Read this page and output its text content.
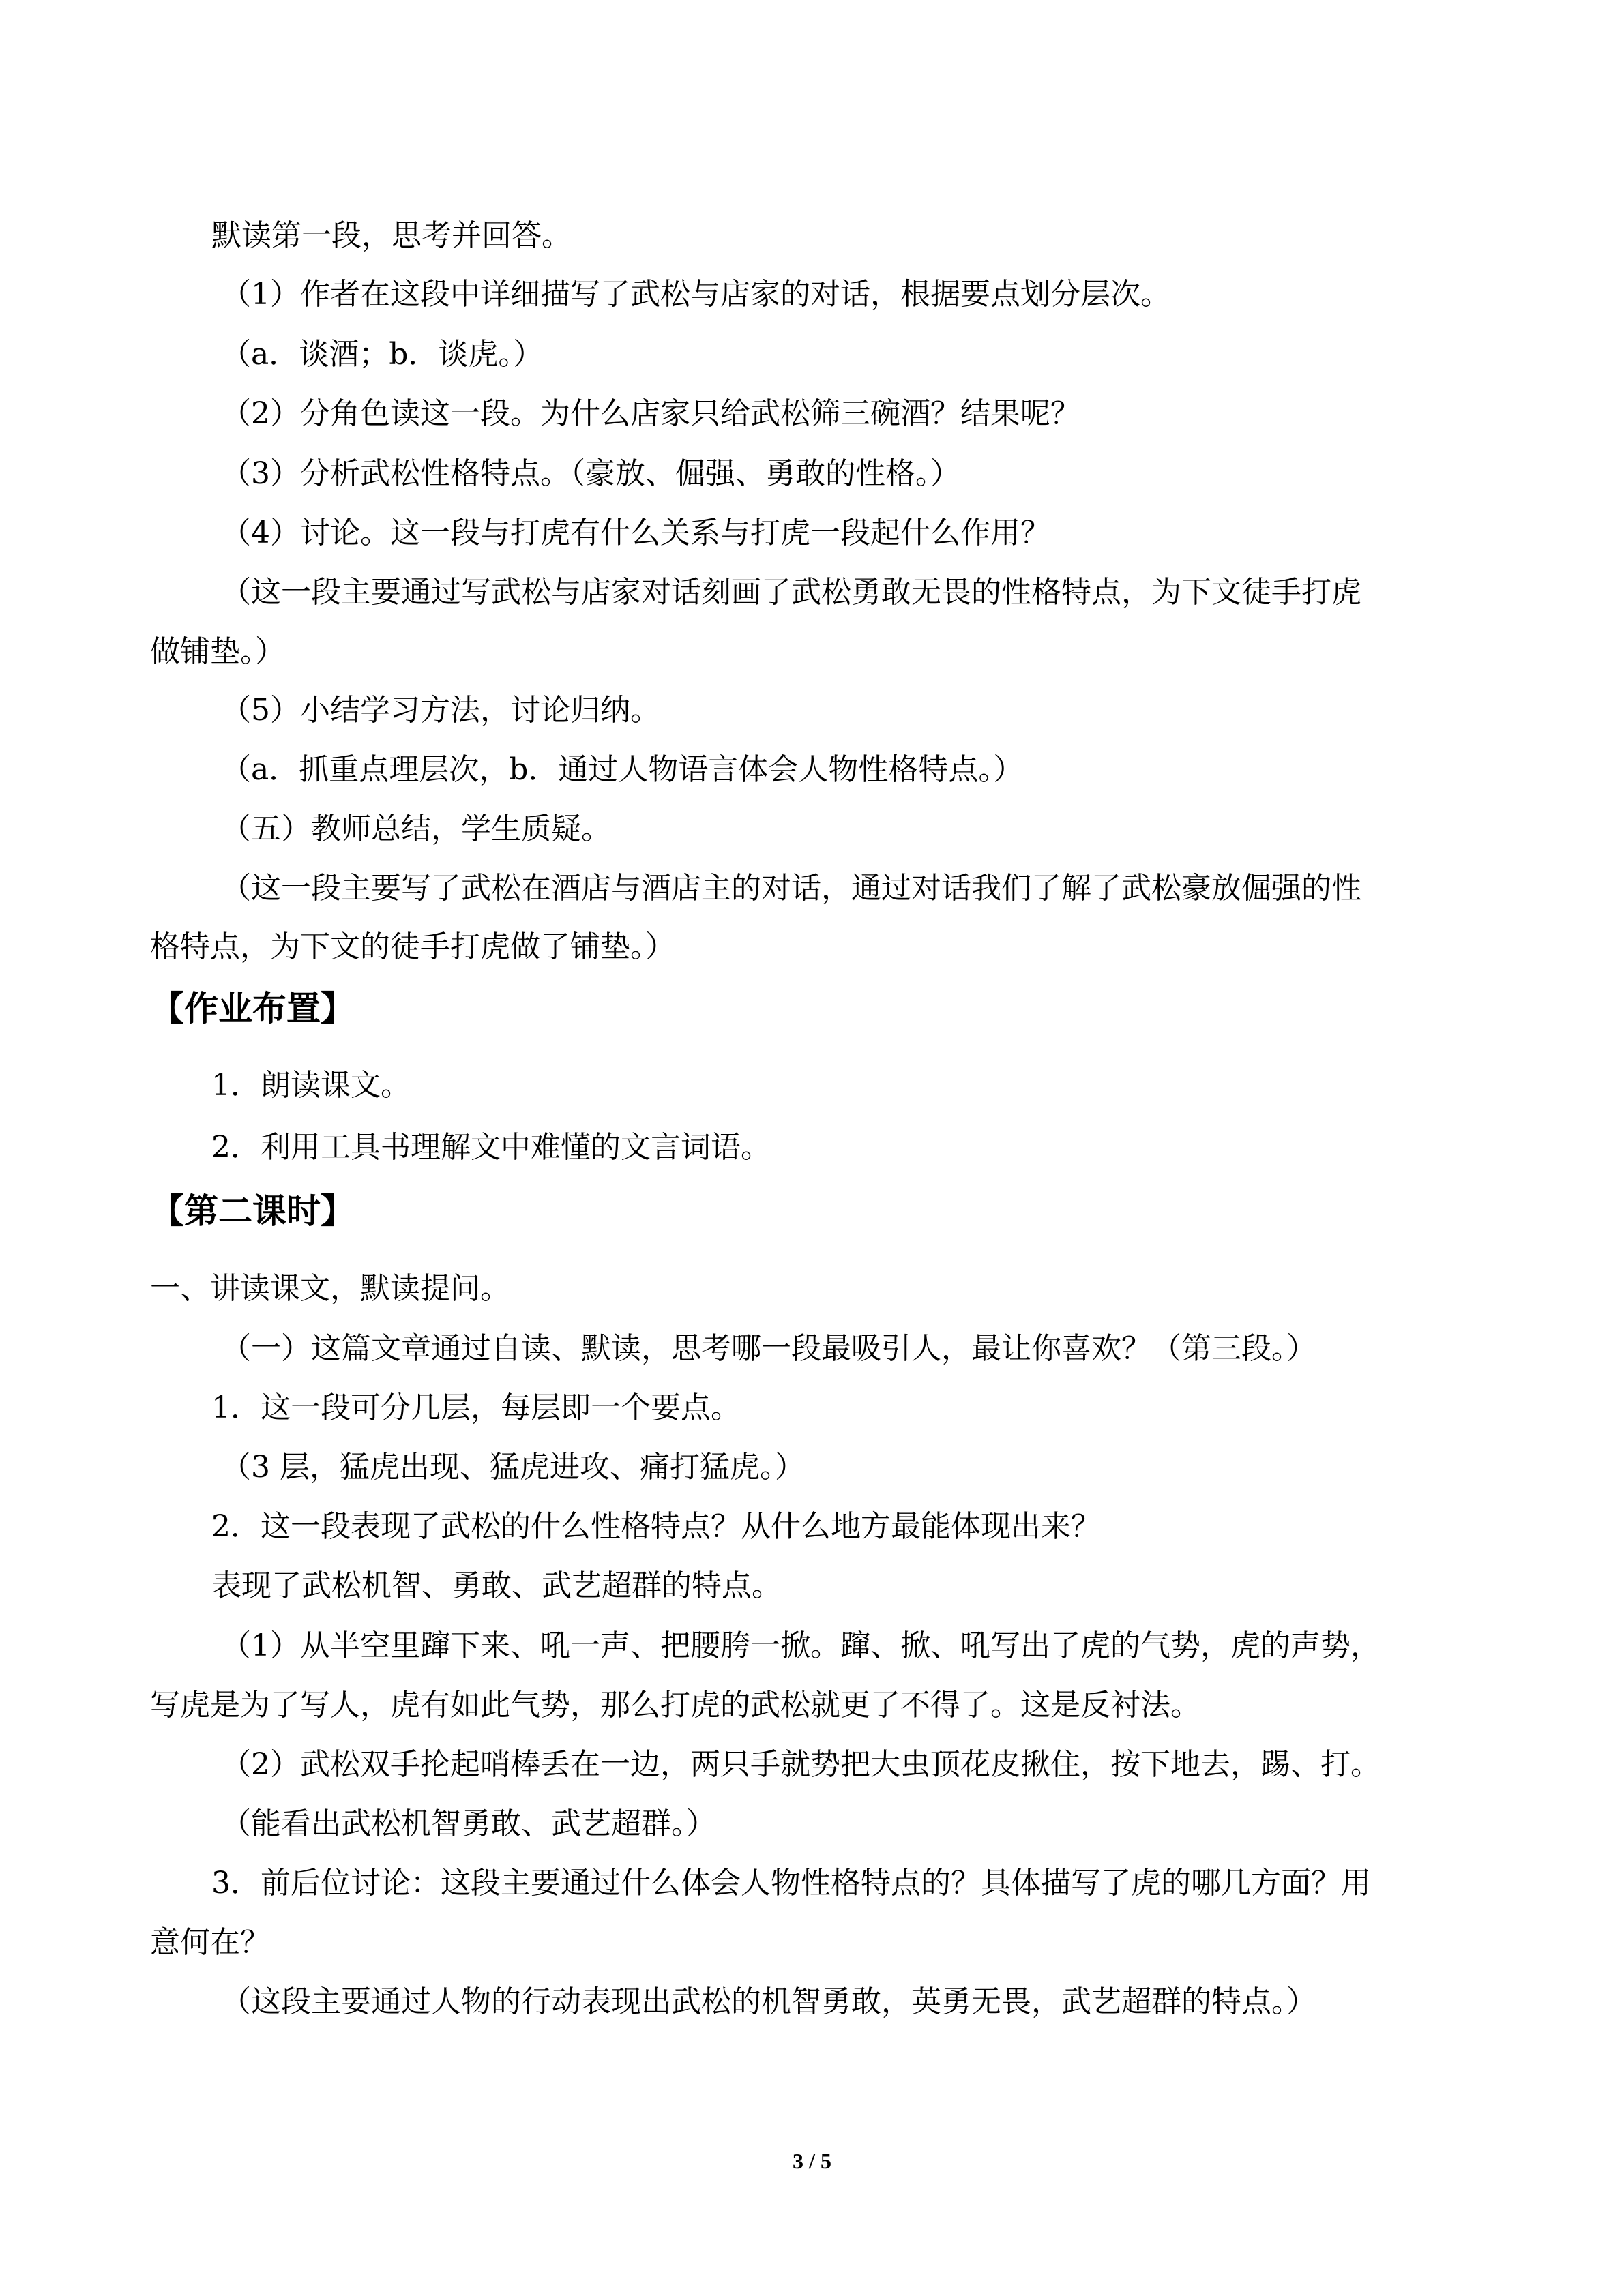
默读第一段，思考并回答。
（1）作者在这段中详细描写了武松与店家的对话，根据要点划分层次。
（a．谈酒；b．谈虎。）
（2）分角色读这一段。为什么店家只给武松筛三碗酒？结果呢？
（3）分析武松性格特点。（豪放、倔强、勇敢的性格。）
（4）讨论。这一段与打虎有什么关系与打虎一段起什么作用？
（这一段主要通过写武松与店家对话刻画了武松勇敢无畏的性格特点，为下文徒手打虎
做铺垫。）
（5）小结学习方法，讨论归纳。
（a．抓重点理层次，b．通过人物语言体会人物性格特点。）
（五）教师总结，学生质疑。
（这一段主要写了武松在酒店与酒店主的对话，通过对话我们了解了武松豪放倔强的性
格特点，为下文的徒手打虎做了铺垫。）
【作业布置】
1．朗读课文。
2．利用工具书理解文中难懂的文言词语。
【第二课时】
一、讲读课文，默读提问。
（一）这篇文章通过自读、默读，思考哪一段最吸引人，最让你喜欢？（第三段。）
1．这一段可分几层，每层即一个要点。
（3 层，猛虎出现、猛虎进攻、痛打猛虎。）
2．这一段表现了武松的什么性格特点？从什么地方最能体现出来？
表现了武松机智、勇敢、武艺超群的特点。
（1）从半空里蹿下来、吼一声、把腰胯一掀。蹿、掀、吼写出了虎的气势，虎的声势，
写虎是为了写人，虎有如此气势，那么打虎的武松就更了不得了。这是反衬法。
（2）武松双手抡起哨棒丢在一边，两只手就势把大虫顶花皮揪住，按下地去，踢、打。
（能看出武松机智勇敢、武艺超群。）
3．前后位讨论：这段主要通过什么体会人物性格特点的？具体描写了虎的哪几方面？用
意何在？
（这段主要通过人物的行动表现出武松的机智勇敢，英勇无畏，武艺超群的特点。）
3 / 5
